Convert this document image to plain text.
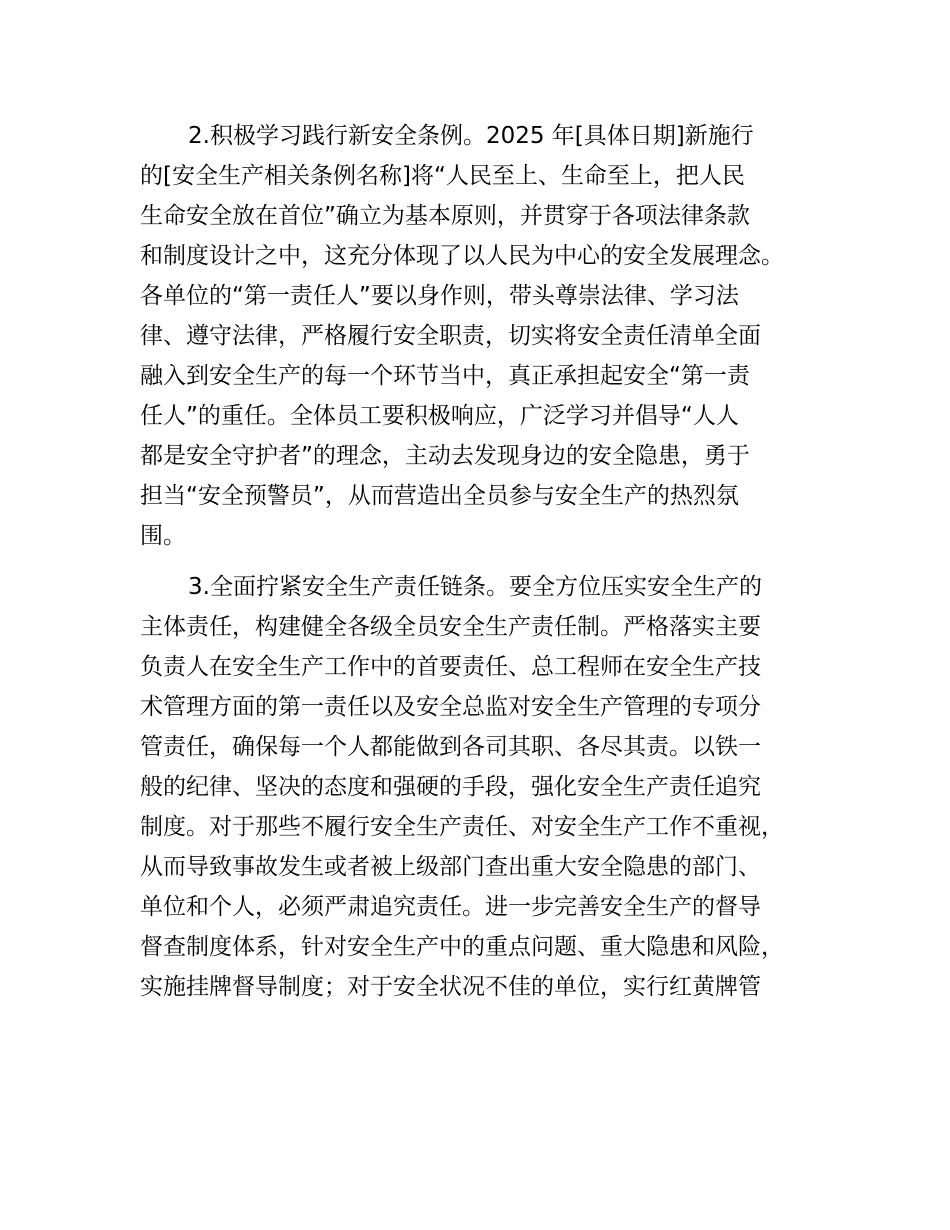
2.积极学习践行新安全条例。2025 年[具体日期]新施行
的[安全生产相关条例名称]将“人民至上、生命至上，把人民
生命安全放在首位”确立为基本原则，并贯穿于各项法律条款
和制度设计之中，这充分体现了以人民为中心的安全发展理念。
各单位的“第一责任人”要以身作则，带头尊崇法律、学习法
律、遵守法律，严格履行安全职责，切实将安全责任清单全面
融入到安全生产的每一个环节当中，真正承担起安全“第一责
任人”的重任。全体员工要积极响应，广泛学习并倡导“人人
都是安全守护者”的理念，主动去发现身边的安全隐患，勇于
担当“安全预警员”，从而营造出全员参与安全生产的热烈氛
围。
3.全面拧紧安全生产责任链条。要全方位压实安全生产的
主体责任，构建健全各级全员安全生产责任制。严格落实主要
负责人在安全生产工作中的首要责任、总工程师在安全生产技
术管理方面的第一责任以及安全总监对安全生产管理的专项分
管责任，确保每一个人都能做到各司其职、各尽其责。以铁一
般的纪律、坚决的态度和强硬的手段，强化安全生产责任追究
制度。对于那些不履行安全生产责任、对安全生产工作不重视，
从而导致事故发生或者被上级部门查出重大安全隐患的部门、
单位和个人，必须严肃追究责任。进一步完善安全生产的督导
督查制度体系，针对安全生产中的重点问题、重大隐患和风险，
实施挂牌督导制度；对于安全状况不佳的单位，实行红黄牌管
